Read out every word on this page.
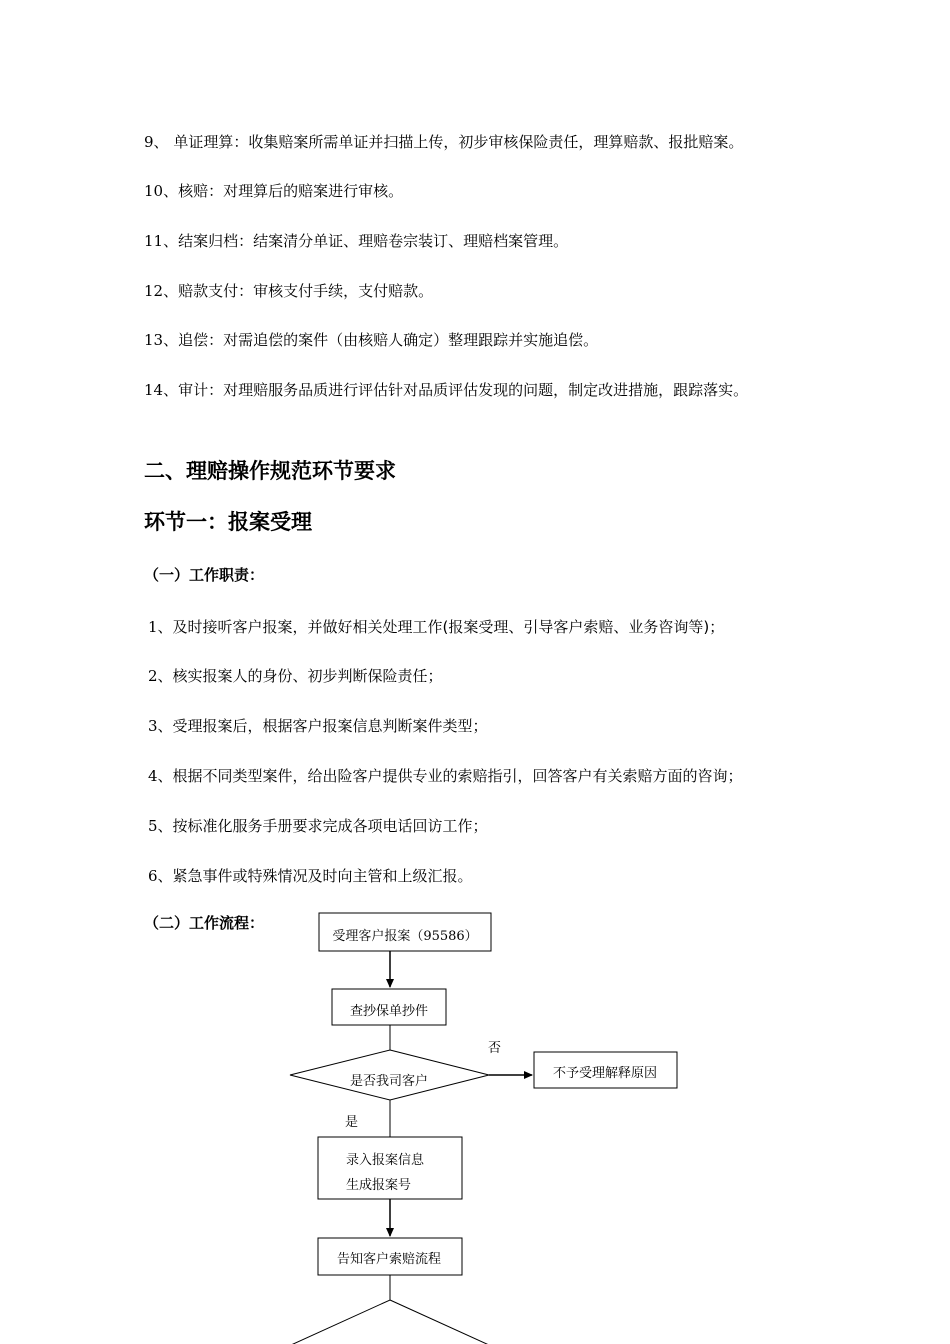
9、 单证理算：收集赔案所需单证并扫描上传，初步审核保险责任，理算赔款、报批赔案。
10、核赔：对理算后的赔案进行审核。
11、结案归档：结案清分单证、理赔卷宗装订、理赔档案管理。
12、赔款支付：审核支付手续，支付赔款。
13、追偿：对需追偿的案件（由核赔人确定）整理跟踪并实施追偿。
14、审计：对理赔服务品质进行评估针对品质评估发现的问题，制定改进措施，跟踪落实。
二、理赔操作规范环节要求
环节一：报案受理
（一）工作职责：
1、及时接听客户报案，并做好相关处理工作(报案受理、引导客户索赔、业务咨询等)；
2、核实报案人的身份、初步判断保险责任；
3、受理报案后，根据客户报案信息判断案件类型；
4、根据不同类型案件，给出险客户提供专业的索赔指引，回答客户有关索赔方面的咨询；
5、按标准化服务手册要求完成各项电话回访工作；
6、紧急事件或特殊情况及时向主管和上级汇报。
（二）工作流程：
受理客户报案（95586）
查抄保单抄件
是否我司客户
否
不予受理解释原因
是
录入报案信息
生成报案号
告知客户索赔流程
